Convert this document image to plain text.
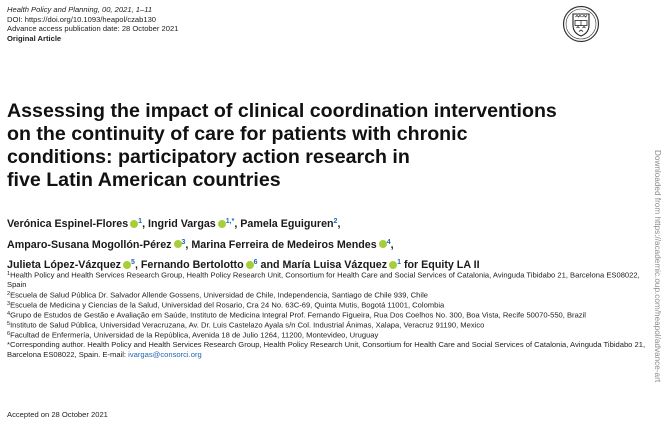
Health Policy and Planning, 00, 2021, 1–11
DOI: https://doi.org/10.1093/heapol/czab130
Advance access publication date: 28 October 2021
Original Article
Assessing the impact of clinical coordination interventions
on the continuity of care for patients with chronic
conditions: participatory action research in
five Latin American countries
Verónica Espinel-Flores $^1$, Ingrid Vargas $^{1,*}$, Pamela Eguiguren$^2$,
Amparo-Susana Mogollón-Pérez $^3$, Marina Ferreira de Medeiros Mendes $^4$,
Julieta López-Vázquez $^5$, Fernando Bertolotto $^6$ and María Luisa Vázquez $^1$ for Equity LA II
$^1$Health Policy and Health Services Research Group, Health Policy Research Unit, Consortium for Health Care and Social Services of Catalonia, Avinguda Tibidabo 21, Barcelona ES08022, Spain
$^2$Escuela de Salud Pública Dr. Salvador Allende Gossens, Universidad de Chile, Independencia, Santiago de Chile 939, Chile
$^3$Escuela de Medicina y Ciencias de la Salud, Universidad del Rosario, Cra 24 No. 63C-69, Quinta Mutis, Bogotá 11001, Colombia
$^4$Grupo de Estudos de Gestão e Avaliação em Saúde, Instituto de Medicina Integral Prof. Fernando Figueira, Rua Dos Coelhos No. 300, Boa Vista, Recife 50070-550, Brazil
$^5$Instituto de Salud Pública, Universidad Veracruzana, Av. Dr. Luis Castelazo Ayala s/n Col. Industrial Ánimas, Xalapa, Veracruz 91190, Mexico
$^6$Facultad de Enfermería, Universidad de la República, Avenida 18 de Julio 1264, 11200, Montevideo, Uruguay
*Corresponding author. Health Policy and Health Services Research Group, Health Policy Research Unit, Consortium for Health Care and Social Services of Catalonia, Avinguda Tibidabo 21, Barcelona ES08022, Spain. E-mail: ivargas@consorci.org
Accepted on 28 October 2021
Downloaded from https://academic.oup.com/heapol/advance-art
